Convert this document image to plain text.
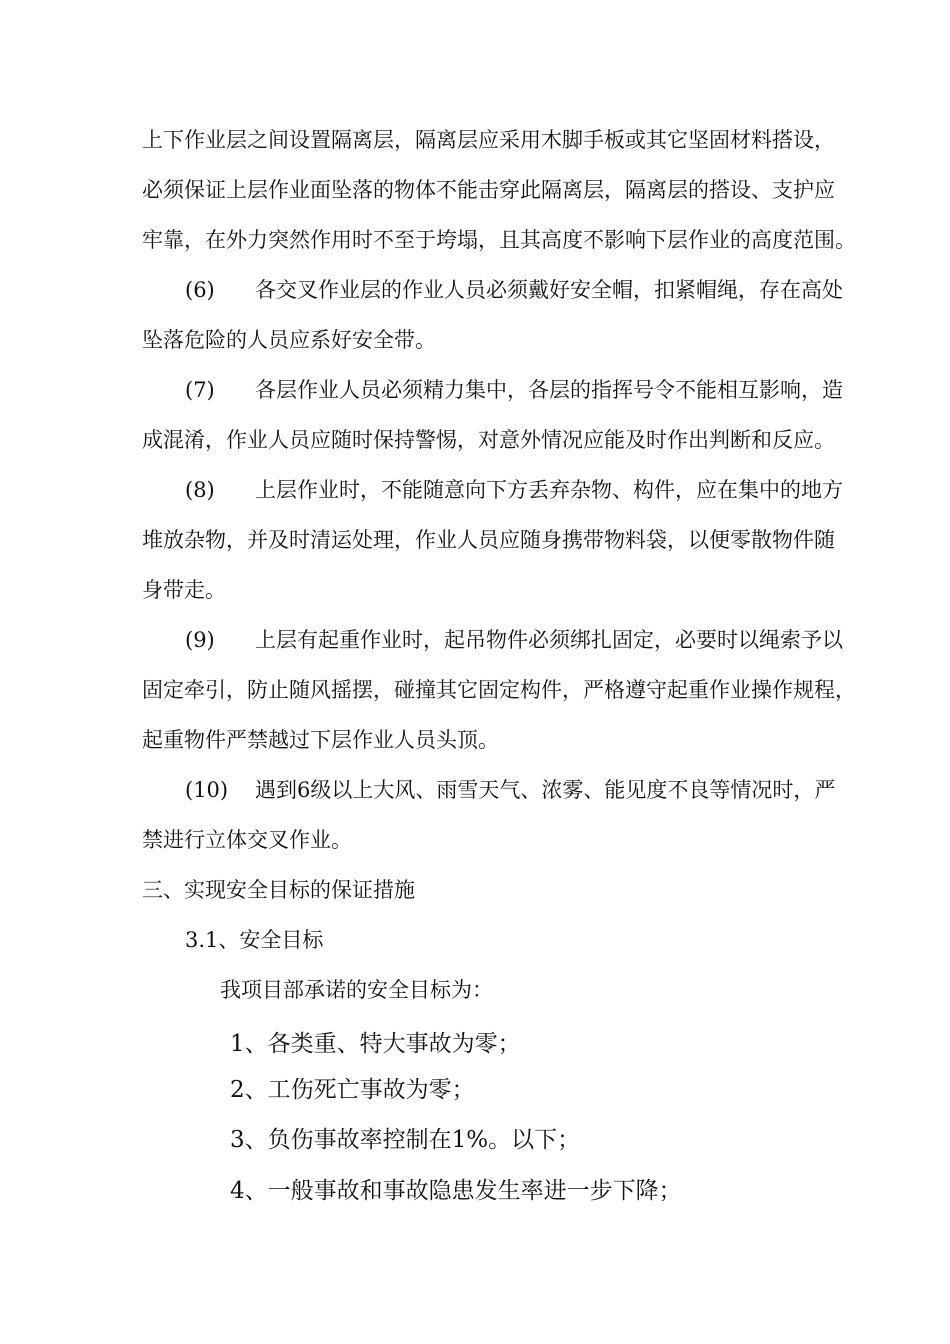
上下作业层之间设置隔离层，隔离层应采用木脚手板或其它坚固材料搭设，
必须保证上层作业面坠落的物体不能击穿此隔离层，隔离层的搭设、支护应
牢靠，在外力突然作用时不至于垮塌，且其高度不影响下层作业的高度范围。
(6) 各交叉作业层的作业人员必须戴好安全帽，扣紧帽绳，存在高处
坠落危险的人员应系好安全带。
(7) 各层作业人员必须精力集中，各层的指挥号令不能相互影响，造
成混淆，作业人员应随时保持警惕，对意外情况应能及时作出判断和反应。
(8) 上层作业时，不能随意向下方丢弃杂物、构件，应在集中的地方
堆放杂物，并及时清运处理，作业人员应随身携带物料袋，以便零散物件随
身带走。
(9) 上层有起重作业时，起吊物件必须绑扎固定，必要时以绳索予以
固定牵引，防止随风摇摆，碰撞其它固定构件，严格遵守起重作业操作规程，
起重物件严禁越过下层作业人员头顶。
(10) 遇到6级以上大风、雨雪天气、浓雾、能见度不良等情况时，严
禁进行立体交叉作业。
三、实现安全目标的保证措施
3.1、安全目标
我项目部承诺的安全目标为：
1、各类重、特大事故为零；
2、工伤死亡事故为零；
3、负伤事故率控制在1%。以下；
4、一般事故和事故隐患发生率进一步下降；
